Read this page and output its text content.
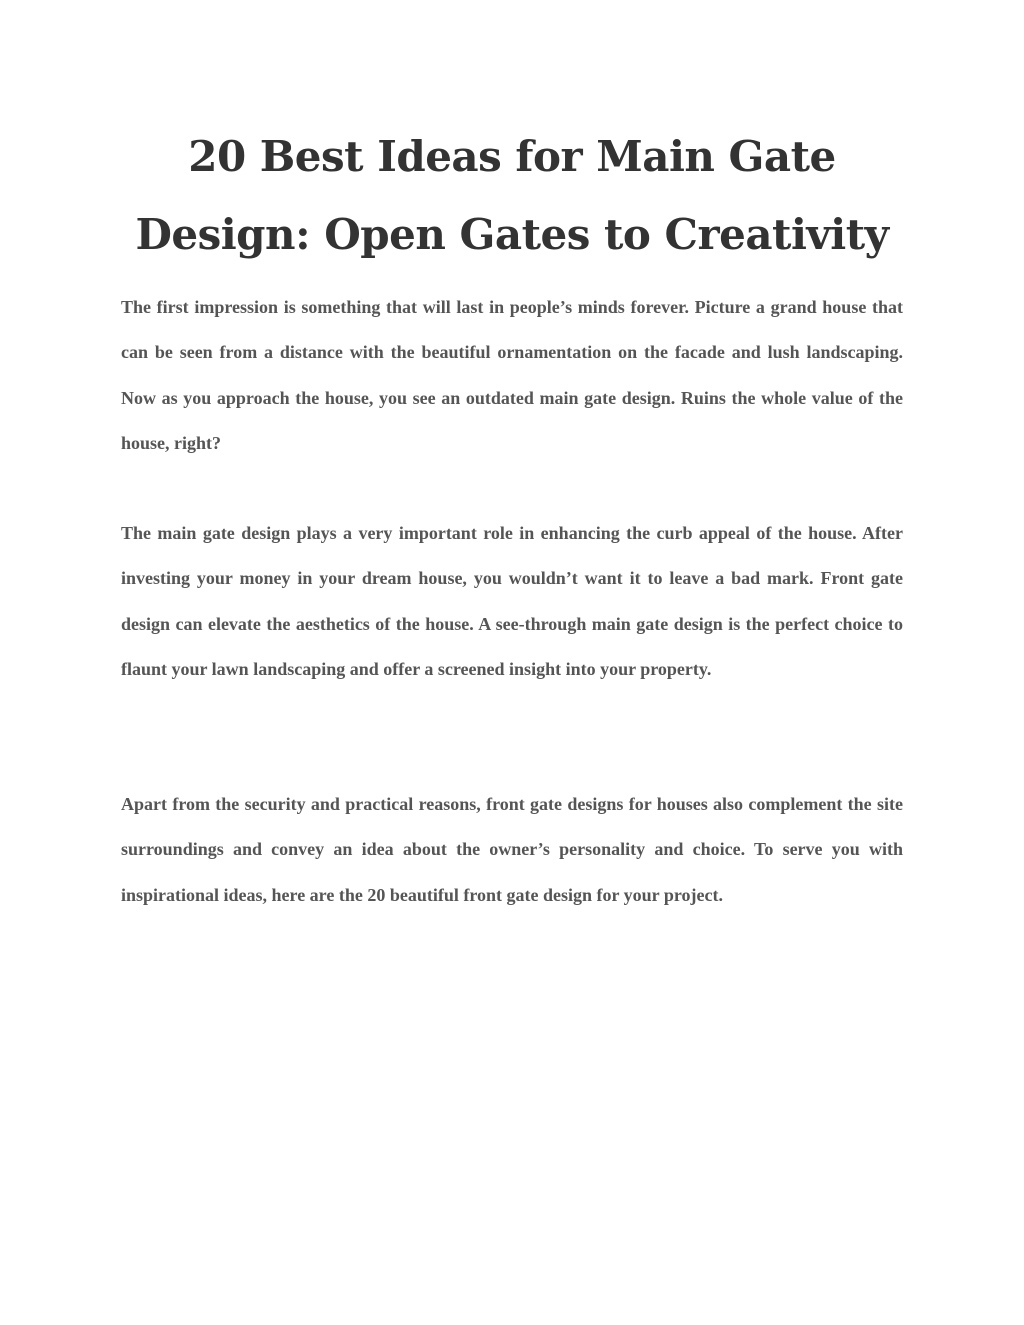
20 Best Ideas for Main Gate Design: Open Gates to Creativity

The first impression is something that will last in people’s minds forever. Picture a grand house that can be seen from a distance with the beautiful ornamentation on the facade and lush landscaping. Now as you approach the house, you see an outdated main gate design. Ruins the whole value of the house, right?

The main gate design plays a very important role in enhancing the curb appeal of the house. After investing your money in your dream house, you wouldn’t want it to leave a bad mark. Front gate design can elevate the aesthetics of the house. A see-through main gate design is the perfect choice to flaunt your lawn landscaping and offer a screened insight into your property.

Apart from the security and practical reasons, front gate designs for houses also complement the site surroundings and convey an idea about the owner’s personality and choice. To serve you with inspirational ideas, here are the 20 beautiful front gate design for your project.
